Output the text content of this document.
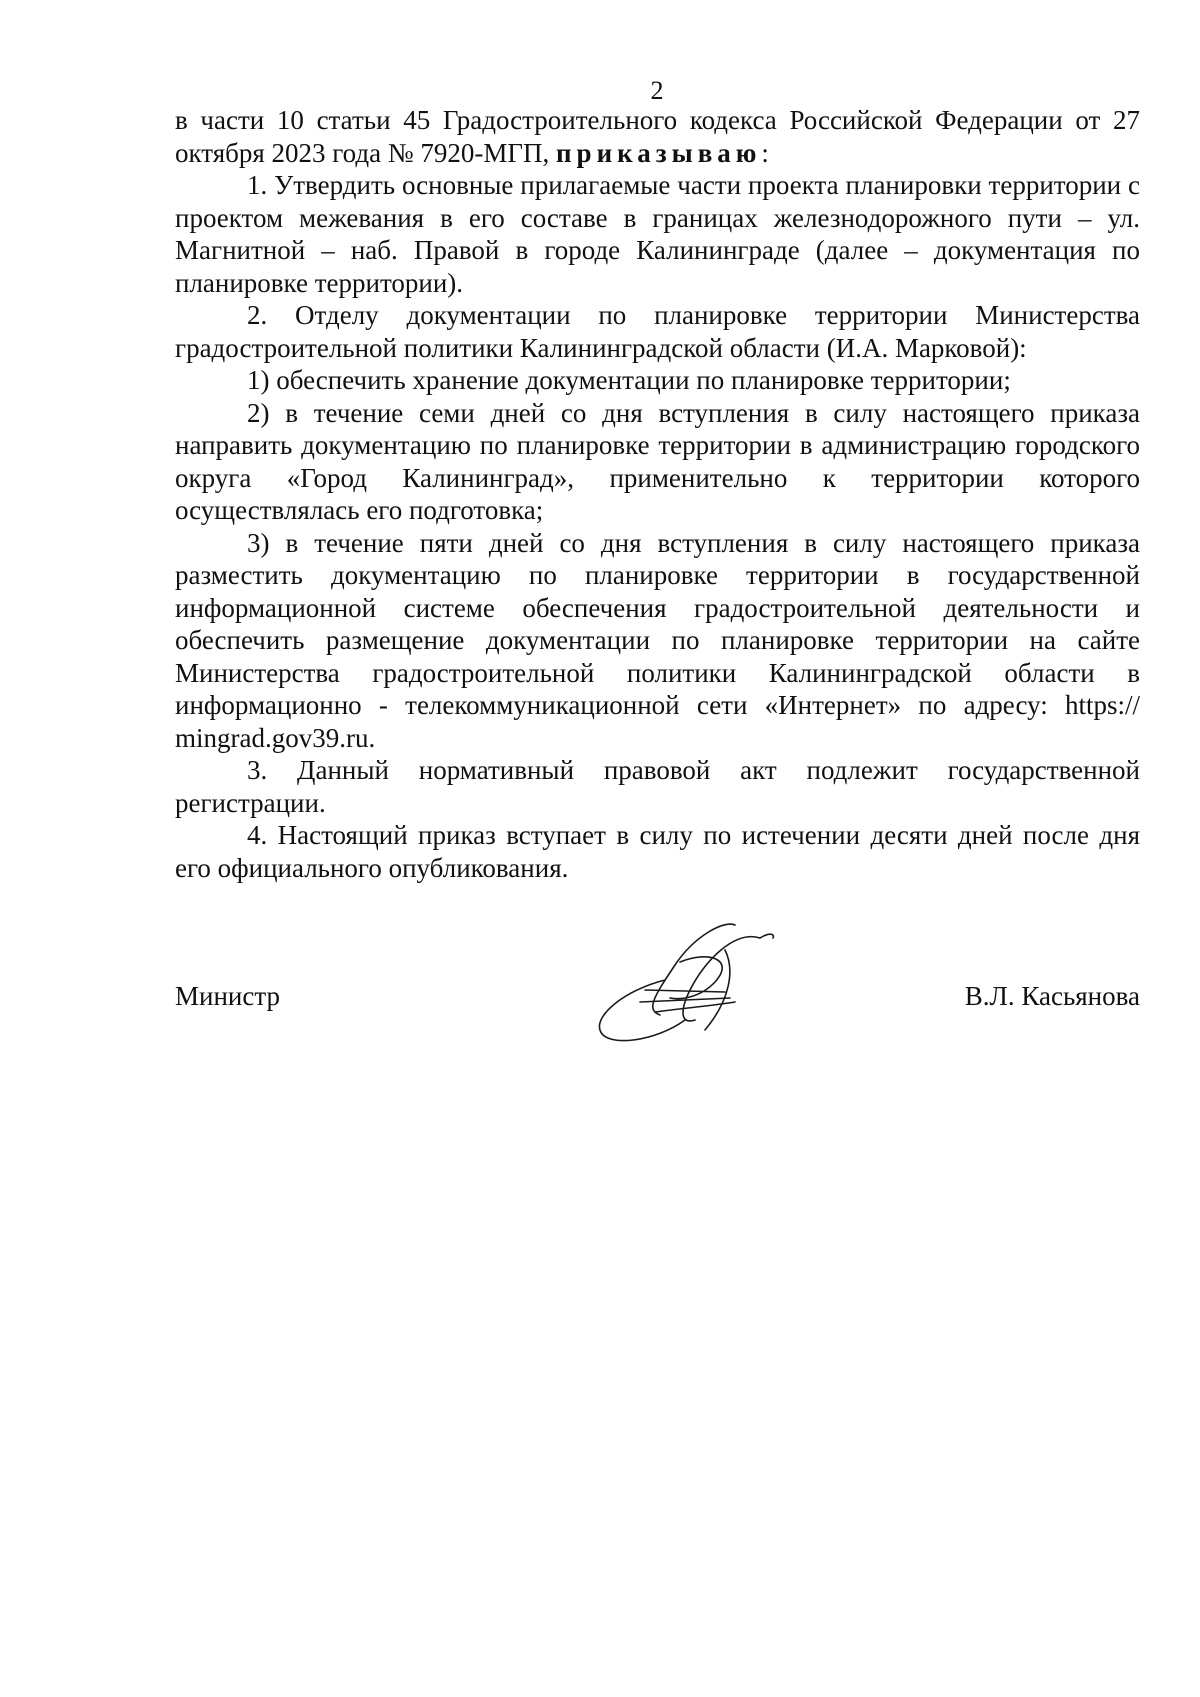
2

в части 10 статьи 45 Градостроительного кодекса Российской Федерации от 27 октября 2023 года № 7920-МГП, приказываю:

1. Утвердить основные прилагаемые части проекта планировки территории с проектом межевания в его составе в границах железнодорожного пути – ул. Магнитной – наб. Правой в городе Калининграде (далее – документация по планировке территории).

2. Отделу документации по планировке территории Министерства градостроительной политики Калининградской области (И.А. Марковой):

1) обеспечить хранение документации по планировке территории;

2) в течение семи дней со дня вступления в силу настоящего приказа направить документацию по планировке территории в администрацию городского округа «Город Калининград», применительно к территории которого осуществлялась его подготовка;

3) в течение пяти дней со дня вступления в силу настоящего приказа разместить документацию по планировке территории в государственной информационной системе обеспечения градостроительной деятельности и обеспечить размещение документации по планировке территории на сайте Министерства градостроительной политики Калининградской области в информационно - телекоммуникационной сети «Интернет» по адресу: https:// mingrad.gov39.ru.

3. Данный нормативный правовой акт подлежит государственной регистрации.

4. Настоящий приказ вступает в силу по истечении десяти дней после дня его официального опубликования.

Министр	В.Л. Касьянова
